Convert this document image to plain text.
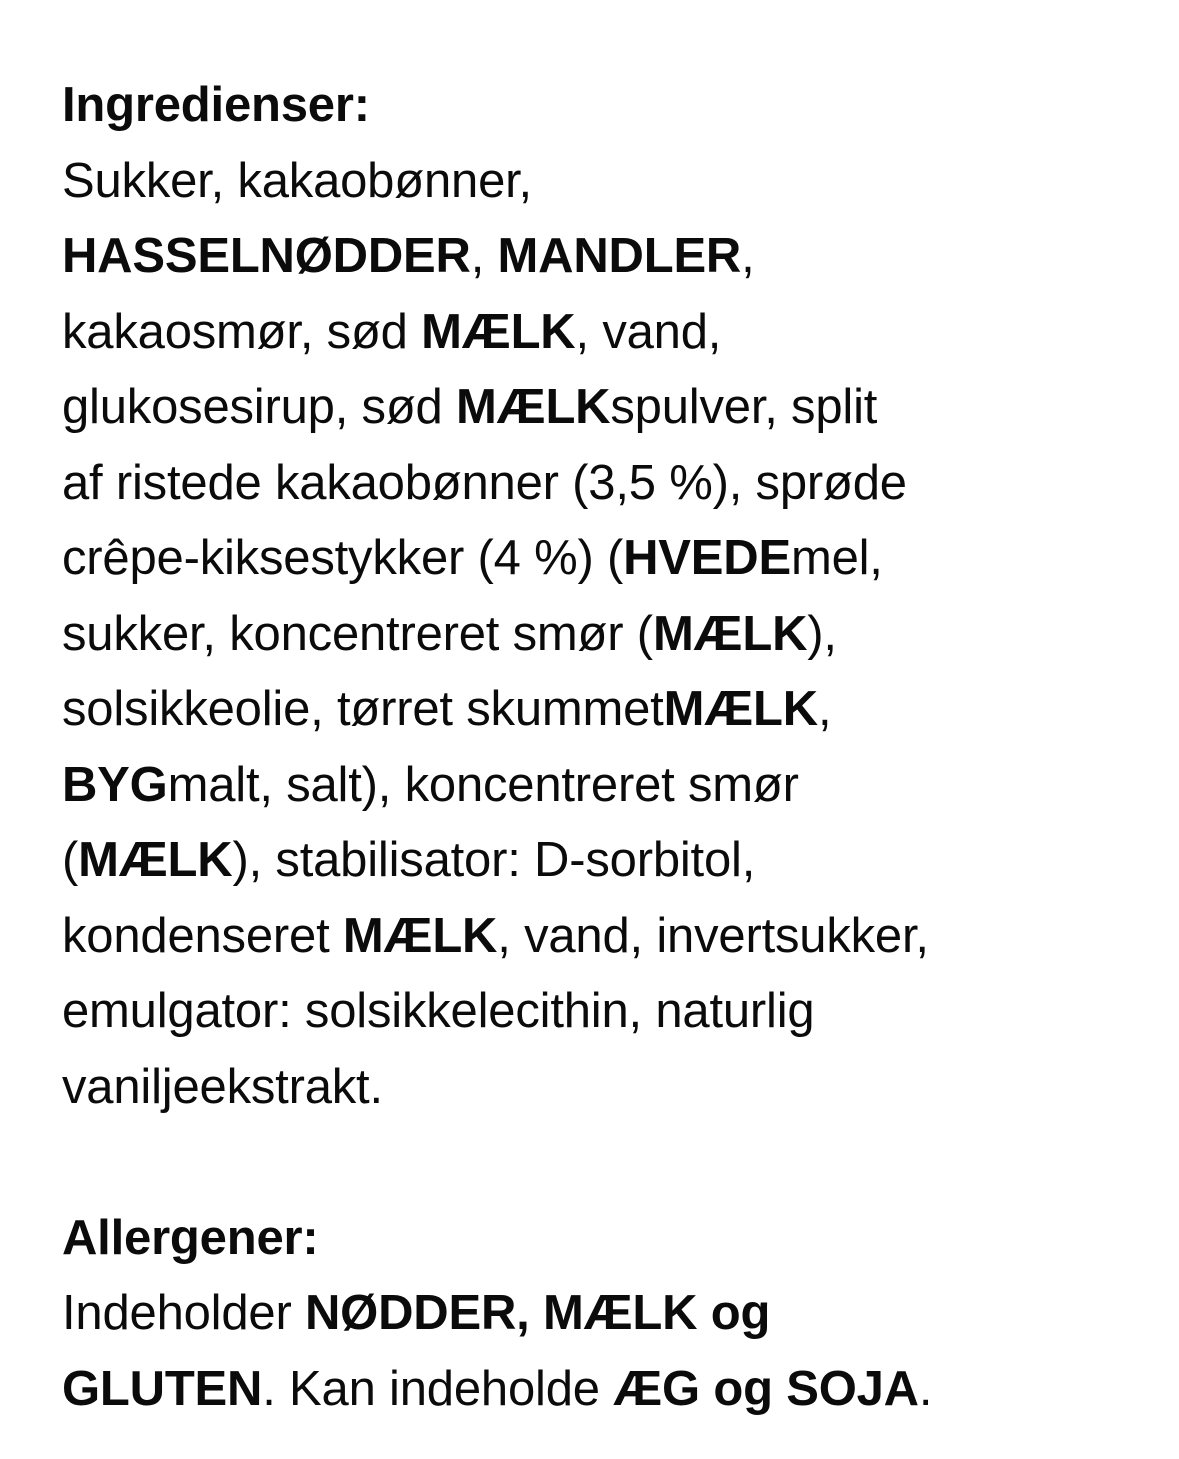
Ingredienser:
Sukker, kakaobønner,
HASSELNØDDER, MANDLER,
kakaosmør, sød MÆLK, vand,
glukosesirup, sød MÆLKspulver, split
af ristede kakaobønner (3,5 %), sprøde
crêpe-kiksestykker (4 %) (HVEDEmel,
sukker, koncentreret smør (MÆLK),
solsikkeolie, tørret skummetMÆLK,
BYGmalt, salt), koncentreret smør
(MÆLK), stabilisator: D-sorbitol,
kondenseret MÆLK, vand, invertsukker,
emulgator: solsikkelecithin, naturlig
vaniljeekstrakt.
Allergener:
Indeholder NØDDER, MÆLK og
GLUTEN. Kan indeholde ÆG og SOJA.
